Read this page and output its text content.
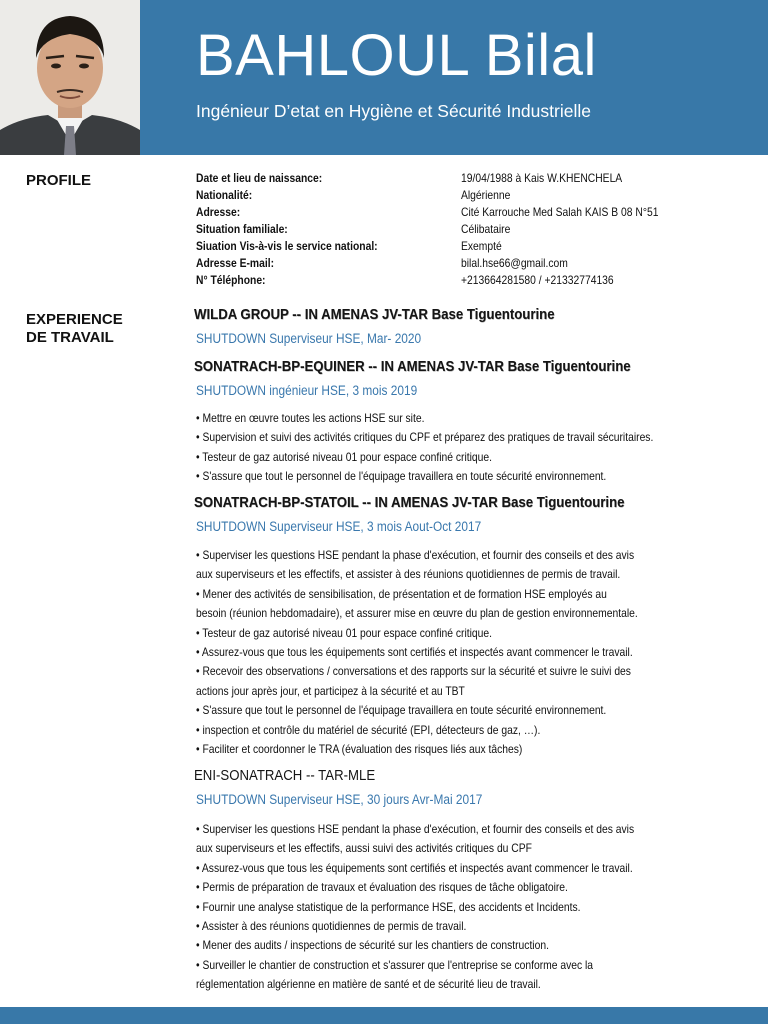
BAHLOUL Bilal
Ingénieur D’etat en Hygiène et Sécurité Industrielle
PROFILE	Date et lieu de naissance:	19/04/1988 à Kais W.KHENCHELA
Nationalité:	Algérienne
Adresse:	Cité Karrouche Med Salah KAIS B 08 N°51
Situation familiale:	Célibataire
Siuation Vis-à-vis le service national:	Exempté
Adresse E-mail:	bilal.hse66@gmail.com
N° Téléphone:	+213664281580 / +21332774136
EXPERIENCE
DE TRAVAIL
WILDA GROUP -- IN AMENAS JV-TAR Base Tiguentourine
SHUTDOWN Superviseur HSE, Mar- 2020
SONATRACH-BP-EQUINER -- IN AMENAS JV-TAR Base Tiguentourine
SHUTDOWN ingénieur HSE, 3 mois 2019
• Mettre en œuvre toutes les actions HSE sur site.
• Supervision et suivi des activités critiques du CPF et préparez des pratiques de travail sécuritaires.
• Testeur de gaz autorisé niveau 01 pour espace confiné critique.
• S'assure que tout le personnel de l'équipage travaillera en toute sécurité environnement.
SONATRACH-BP-STATOIL -- IN AMENAS JV-TAR Base Tiguentourine
SHUTDOWN Superviseur HSE, 3 mois Aout-Oct 2017
• Superviser les questions HSE pendant la phase d'exécution, et fournir des conseils et des avis
aux superviseurs et les effectifs, et assister à des réunions quotidiennes de permis de travail.
• Mener des activités de sensibilisation, de présentation et de formation HSE employés au
besoin (réunion hebdomadaire), et assurer mise en œuvre du plan de gestion environnementale.
• Testeur de gaz autorisé niveau 01 pour espace confiné critique.
• Assurez-vous que tous les équipements sont certifiés et inspectés avant commencer le travail.
• Recevoir des observations / conversations et des rapports sur la sécurité et suivre le suivi des
actions jour après jour, et participez à la sécurité et au TBT
• S'assure que tout le personnel de l'équipage travaillera en toute sécurité environnement.
• inspection et contrôle du matériel de sécurité (EPI, détecteurs de gaz, …).
• Faciliter et coordonner le TRA (évaluation des risques liés aux tâches)
ENI-SONATRACH -- TAR-MLE
SHUTDOWN Superviseur HSE, 30 jours Avr-Mai 2017
• Superviser les questions HSE pendant la phase d'exécution, et fournir des conseils et des avis
aux superviseurs et les effectifs, aussi suivi des activités critiques du CPF
• Assurez-vous que tous les équipements sont certifiés et inspectés avant commencer le travail.
• Permis de préparation de travaux et évaluation des risques de tâche obligatoire.
• Fournir une analyse statistique de la performance HSE, des accidents et Incidents.
• Assister à des réunions quotidiennes de permis de travail.
• Mener des audits / inspections de sécurité sur les chantiers de construction.
• Surveiller le chantier de construction et s'assurer que l'entreprise se conforme avec la
réglementation algérienne en matière de santé et de sécurité lieu de travail.
